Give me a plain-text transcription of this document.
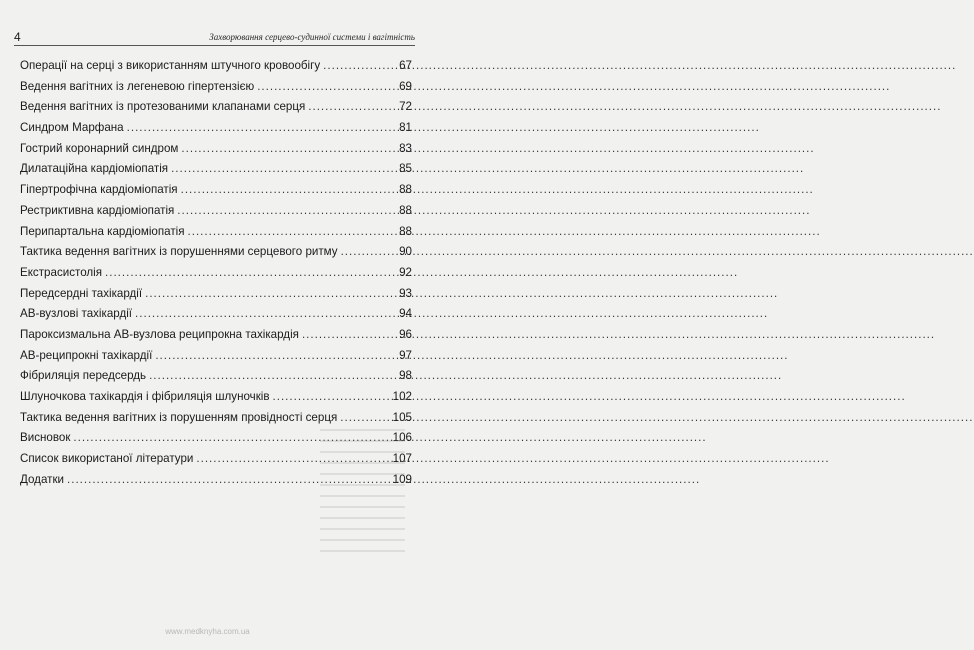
4	Захворювання серцево-судинної системи і вагітність
Операції на серці з використанням штучного кровообігу .....	67
Ведення вагітних із легеневою гіпертензією .....	69
Ведення вагітних із протезованими клапанами серця .....	72
Синдром Марфана .....	81
Гострий коронарний синдром .....	83
Дилатаційна кардіоміопатія .....	85
Гіпертрофічна кардіоміопатія .....	88
Рестриктивна кардіоміопатія .....	88
Перипартальна кардіоміопатія .....	88
Тактика ведення вагітних із порушеннями серцевого ритму .....	90
Екстрасистолія .....	92
Передсердні тахікардії .....	93
АВ-вузлові тахікардії .....	94
Пароксизмальна АВ-вузлова реципрокна тахікардія .....	96
АВ-реципрокні тахікардії .....	97
Фібриляція передсердь .....	98
Шлуночкова тахікардія і фібриляція шлуночків .....	102
Тактика ведення вагітних із порушенням провідності серця .....	105
Висновок .....	106
Список використаної літератури .....	107
Додатки .....	109
www.medknyha.com.ua
